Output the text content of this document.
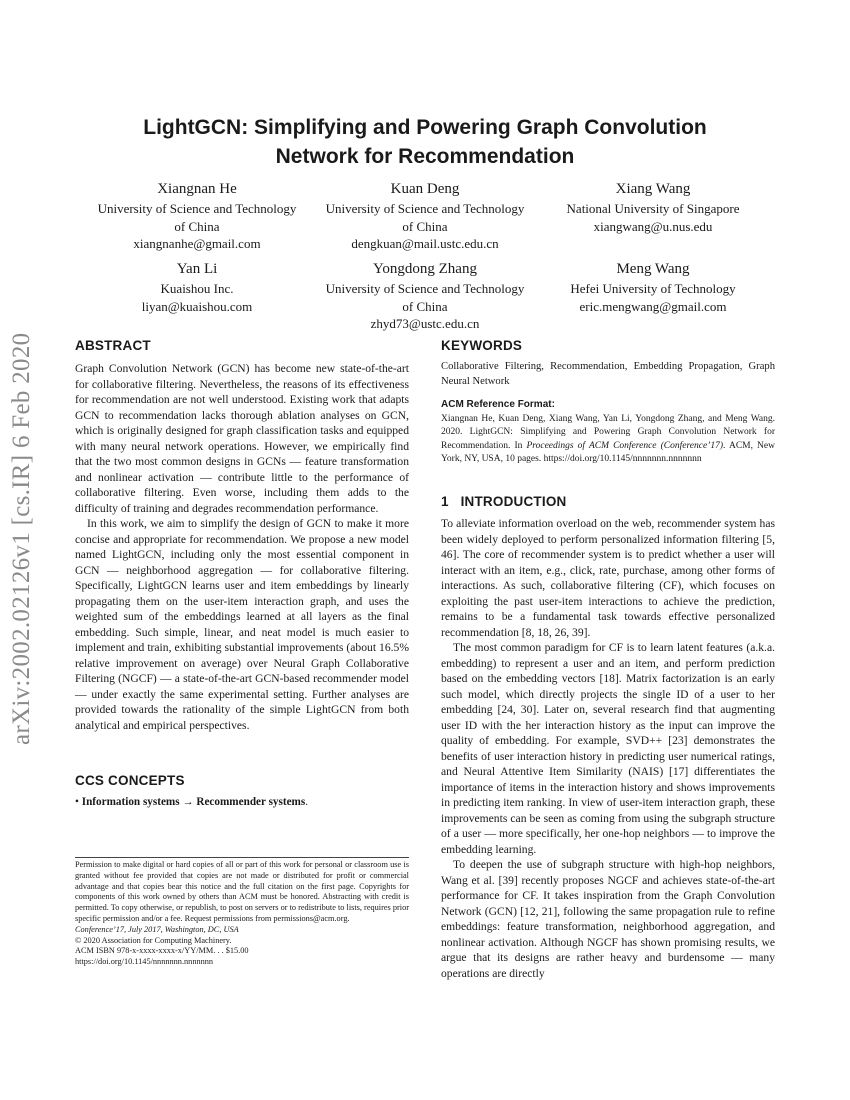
LightGCN: Simplifying and Powering Graph Convolution
Network for Recommendation
Xiangnan He
University of Science and Technology
of China
xiangnanhe@gmail.com
Kuan Deng
University of Science and Technology
of China
dengkuan@mail.ustc.edu.cn
Xiang Wang
National University of Singapore
xiangwang@u.nus.edu
Yan Li
Kuaishou Inc.
liyan@kuaishou.com
Yongdong Zhang
University of Science and Technology
of China
zhyd73@ustc.edu.cn
Meng Wang
Hefei University of Technology
eric.mengwang@gmail.com
arXiv:2002.02126v1 [cs.IR] 6 Feb 2020	ABSTRACT

Graph Convolution Network (GCN) has become new state-of-the-art for collaborative filtering. Nevertheless, the reasons of its effectiveness for recommendation are not well understood. Existing work that adapts GCN to recommendation lacks thorough ablation analyses on GCN, which is originally designed for graph classification tasks and equipped with many neural network operations. However, we empirically find that the two most common designs in GCNs — feature transformation and nonlinear activation — contribute little to the performance of collaborative filtering. Even worse, including them adds to the difficulty of training and degrades recommendation performance.

In this work, we aim to simplify the design of GCN to make it more concise and appropriate for recommendation. We propose a new model named LightGCN, including only the most essential component in GCN — neighborhood aggregation — for collaborative filtering. Specifically, LightGCN learns user and item embeddings by linearly propagating them on the user-item interaction graph, and uses the weighted sum of the embeddings learned at all layers as the final embedding. Such simple, linear, and neat model is much easier to implement and train, exhibiting substantial improvements (about 16.5% relative improvement on average) over Neural Graph Collaborative Filtering (NGCF) — a state-of-the-art GCN-based recommender model — under exactly the same experimental setting. Further analyses are provided towards the rationality of the simple LightGCN from both analytical and empirical perspectives.

CCS CONCEPTS

• Information systems → Recommender systems.

Permission to make digital or hard copies of all or part of this work for personal or classroom use is granted without fee provided that copies are not made or distributed for profit or commercial advantage and that copies bear this notice and the full citation on the first page. Copyrights for components of this work owned by others than ACM must be honored. Abstracting with credit is permitted. To copy otherwise, or republish, to post on servers or to redistribute to lists, requires prior specific permission and/or a fee. Request permissions from permissions@acm.org.
Conference’17, July 2017, Washington, DC, USA
© 2020 Association for Computing Machinery.
ACM ISBN 978-x-xxxx-xxxx-x/YY/MM. . . $15.00
https://doi.org/10.1145/nnnnnnn.nnnnnnn
KEYWORDS

Collaborative Filtering, Recommendation, Embedding Propagation, Graph Neural Network

ACM Reference Format:

Xiangnan He, Kuan Deng, Xiang Wang, Yan Li, Yongdong Zhang, and Meng Wang. 2020. LightGCN: Simplifying and Powering Graph Convolution Network for Recommendation. In Proceedings of ACM Conference (Conference’17). ACM, New York, NY, USA, 10 pages. https://doi.org/10.1145/nnnnnnn.nnnnnnn

1 INTRODUCTION

To alleviate information overload on the web, recommender system has been widely deployed to perform personalized information filtering [5, 46]. The core of recommender system is to predict whether a user will interact with an item, e.g., click, rate, purchase, among other forms of interactions. As such, collaborative filtering (CF), which focuses on exploiting the past user-item interactions to achieve the prediction, remains to be a fundamental task towards effective personalized recommendation [8, 18, 26, 39].

The most common paradigm for CF is to learn latent features (a.k.a. embedding) to represent a user and an item, and perform prediction based on the embedding vectors [18]. Matrix factorization is an early such model, which directly projects the single ID of a user to her embedding [24, 30]. Later on, several research find that augmenting user ID with the her interaction history as the input can improve the quality of embedding. For example, SVD++ [23] demonstrates the benefits of user interaction history in predicting user numerical ratings, and Neural Attentive Item Similarity (NAIS) [17] differentiates the importance of items in the interaction history and shows improvements in predicting item ranking. In view of user-item interaction graph, these improvements can be seen as coming from using the subgraph structure of a user — more specifically, her one-hop neighbors — to improve the embedding learning.

To deepen the use of subgraph structure with high-hop neighbors, Wang et al. [39] recently proposes NGCF and achieves state-of-the-art performance for CF. It takes inspiration from the Graph Convolution Network (GCN) [12, 21], following the same propagation rule to refine embeddings: feature transformation, neighborhood aggregation, and nonlinear activation. Although NGCF has shown promising results, we argue that its designs are rather heavy and burdensome — many operations are directly
